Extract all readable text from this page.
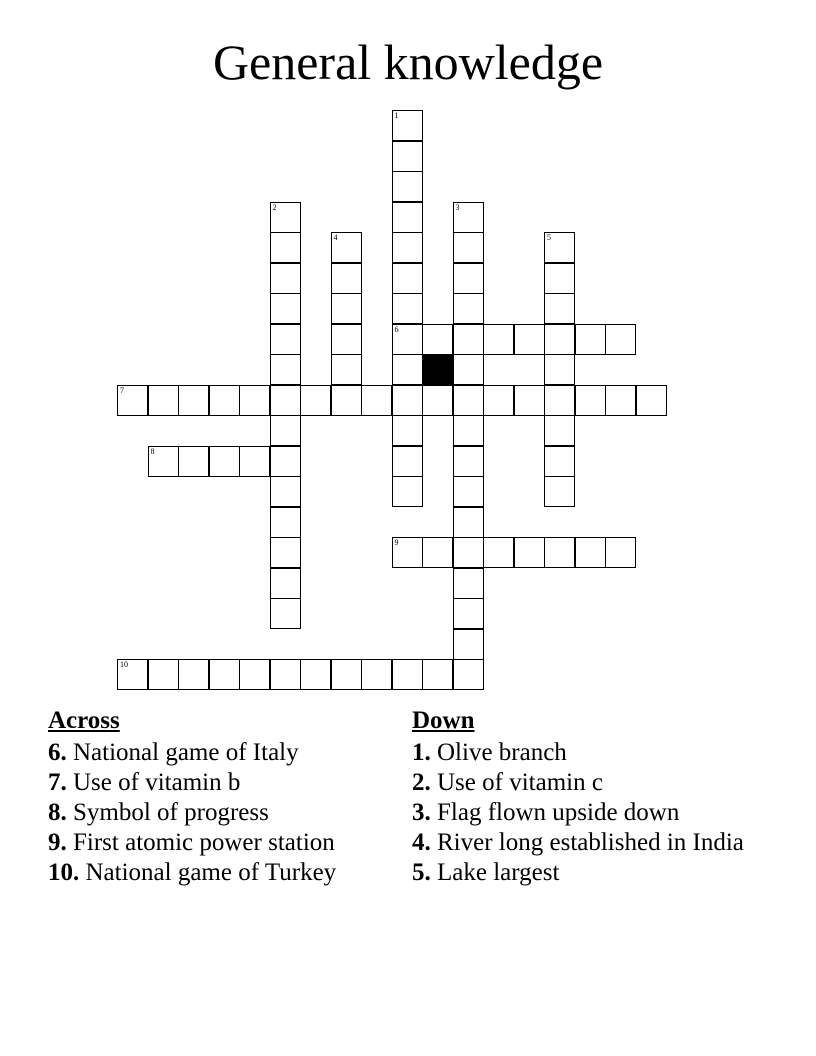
General knowledge
1
6
2	3
4	5
7
8
9
10
Across
6. National game of Italy
7. Use of vitamin b
8. Symbol of progress
9. First atomic power station
10. National game of Turkey
Down
1. Olive branch
2. Use of vitamin c
3. Flag flown upside down
4. River long established in India
5. Lake largest
